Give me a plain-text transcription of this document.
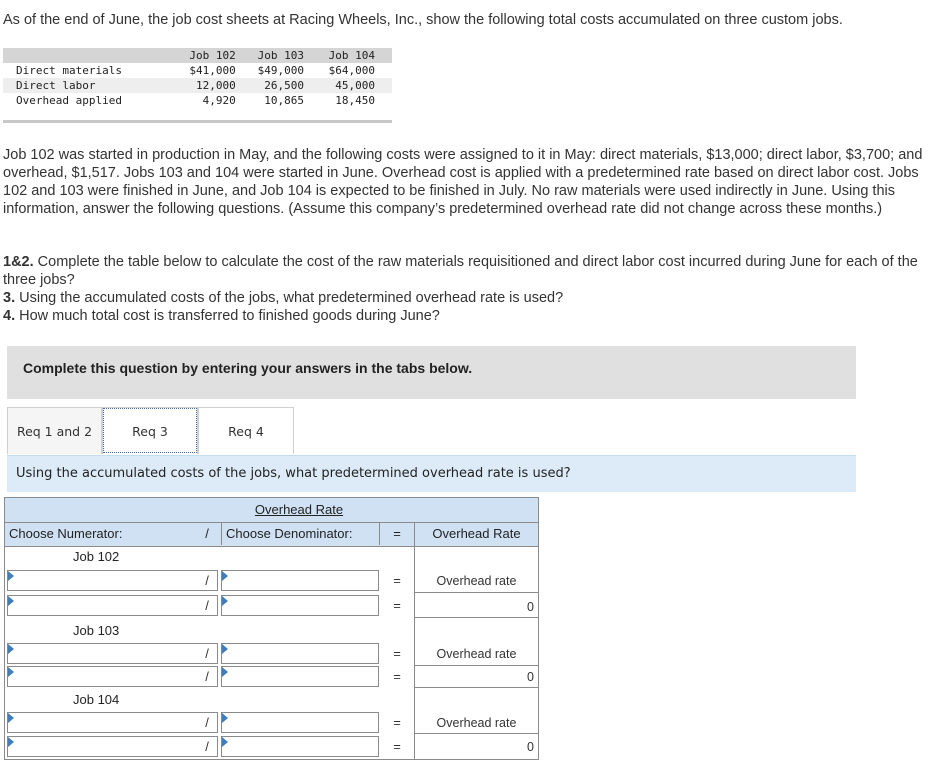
As of the end of June, the job cost sheets at Racing Wheels, Inc., show the following total costs accumulated on three custom jobs.
	Job 102	Job 103	Job 104
Direct materials	$41,000	$49,000	$64,000
Direct labor	12,000	26,500	45,000
Overhead applied	4,920	10,865	18,450
Job 102 was started in production in May, and the following costs were assigned to it in May: direct materials, $13,000; direct labor, $3,700; and overhead, $1,517. Jobs 103 and 104 were started in June. Overhead cost is applied with a predetermined rate based on direct labor cost. Jobs 102 and 103 were finished in June, and Job 104 is expected to be finished in July. No raw materials were used indirectly in June. Using this information, answer the following questions. (Assume this company’s predetermined overhead rate did not change across these months.)

1&2. Complete the table below to calculate the cost of the raw materials requisitioned and direct labor cost incurred during June for each of the three jobs?

3. Using the accumulated costs of the jobs, what predetermined overhead rate is used?

4. How much total cost is transferred to finished goods during June?

Complete this question by entering your answers in the tabs below.
Req 1 and 2	Req 3	Req 4
Using the accumulated costs of the jobs, what predetermined overhead rate is used?
Overhead Rate
Choose Numerator:	/ Choose Denominator:	=	Overhead Rate
Job 102
/	=	Overhead rate
/	=	0
Job 103
/	=	Overhead rate
/	=	0
Job 104
/	=	Overhead rate
/	=	0
